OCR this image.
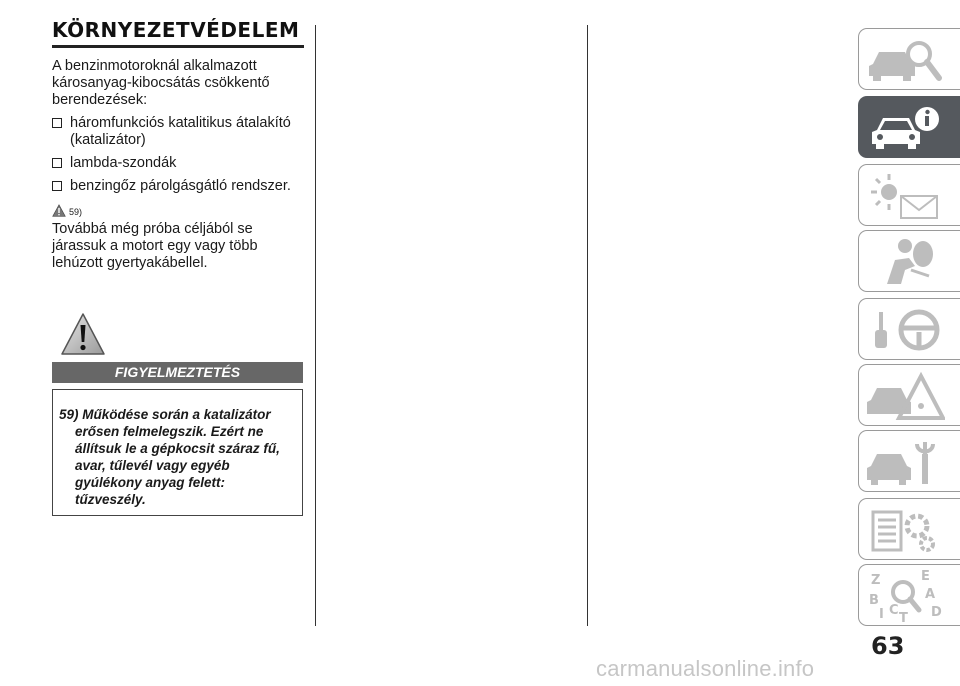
KÖRNYEZETVÉDELEM

A benzinmotoroknál alkalmazott károsanyag-kibocsátás csökkentő berendezések:

háromfunkciós katalitikus átalakító (katalizátor)
lambda-szondák
benzingőz párolgásgátló rendszer.
59)

Továbbá még próba céljából se járassuk a motort egy vagy több lehúzott gyertyakábellel.

FIGYELMEZTETÉS

59) Működése során a katalizátor erősen felmelegszik. Ezért ne állítsuk le a gépkocsit száraz fű, avar, tűlevél vagy egyéb gyúlékony anyag felett: tűzveszély.

Z	E
B	A
I C
T D
63
carmanualsonline.info
